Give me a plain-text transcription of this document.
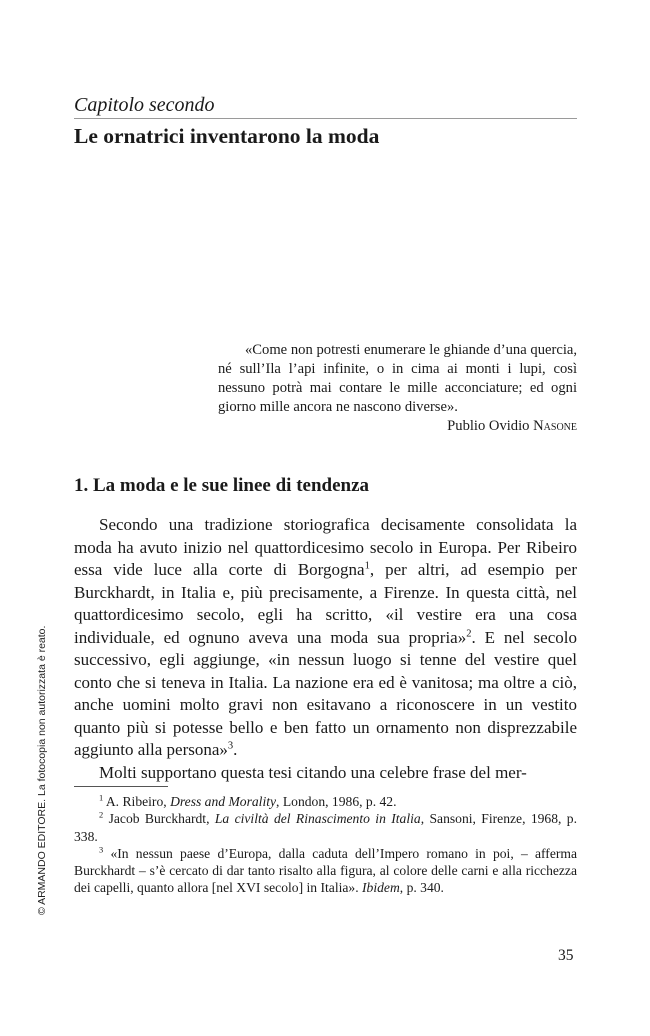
Capitolo secondo
Le ornatrici inventarono la moda

«Come non potresti enumerare le ghiande d’una quercia, né sull’Ila l’api infinite, o in cima ai monti i lupi, così nessuno potrà mai contare le mille acconciature; ed ogni giorno mille ancora ne nascono diverse».

Publio Ovidio Nasone

1. La moda e le sue linee di tendenza

Secondo una tradizione storiografica decisamente consolidata la moda ha avuto inizio nel quattordicesimo secolo in Europa. Per Ribeiro essa vide luce alla corte di Borgogna$^1$, per altri, ad esempio per Burckhardt, in Italia e, più precisamente, a Firenze. In questa città, nel quattordicesimo secolo, egli ha scritto, «il vestire era una cosa individuale, ed ognuno aveva una moda sua propria»$^2$. E nel secolo successivo, egli aggiunge, «in nessun luogo si tenne del vestire quel conto che si teneva in Italia. La nazione era ed è vanitosa; ma oltre a ciò, anche uomini molto gravi non esitavano a riconoscere in un vestito quanto più si potesse bello e ben fatto un ornamento non disprezzabile aggiunto alla persona»$^3$.

Molti supportano questa tesi citando una celebre frase del mer-

$^1$ A. Ribeiro, Dress and Morality, London, 1986, p. 42.

$^2$ Jacob Burckhardt, La civiltà del Rinascimento in Italia, Sansoni, Firenze, 1968, p. 338.

$^3$ «In nessun paese d’Europa, dalla caduta dell’Impero romano in poi, – afferma Burckhardt – s’è cercato di dar tanto risalto alla figura, al colore delle carni e alla ricchezza dei capelli, quanto allora [nel XVI secolo] in Italia». Ibidem, p. 340.

35
© ARMANDO EDITORE. La fotocopia non autorizzata è reato.
